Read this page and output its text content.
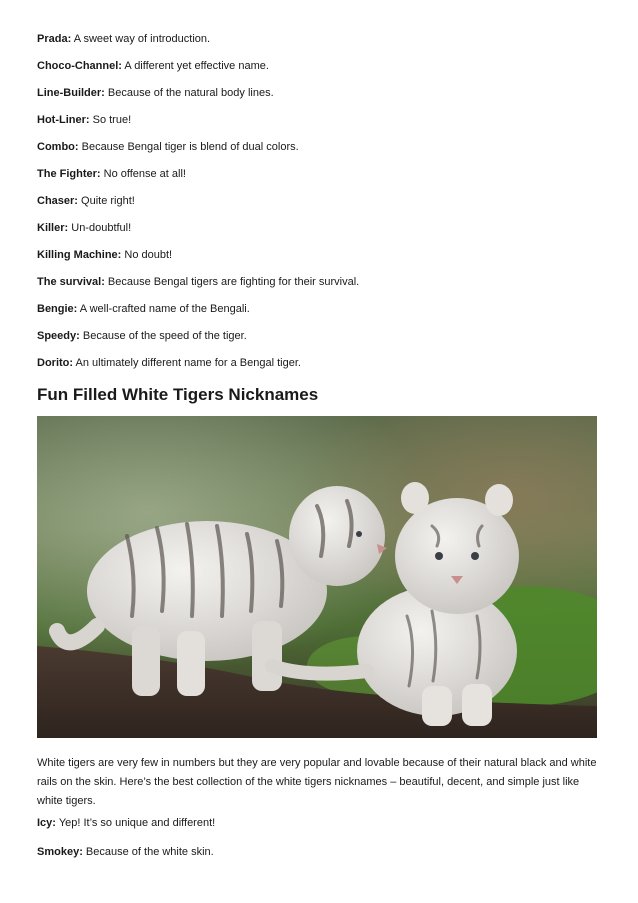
Prada: A sweet way of introduction.
Choco-Channel: A different yet effective name.
Line-Builder: Because of the natural body lines.
Hot-Liner: So true!
Combo: Because Bengal tiger is blend of dual colors.
The Fighter: No offense at all!
Chaser: Quite right!
Killer: Un-doubtful!
Killing Machine: No doubt!
The survival: Because Bengal tigers are fighting for their survival.
Bengie: A well-crafted name of the Bengali.
Speedy: Because of the speed of the tiger.
Dorito: An ultimately different name for a Bengal tiger.
Fun Filled White Tigers Nicknames

White tigers are very few in numbers but they are very popular and lovable because of their natural black and white rails on the skin. Here’s the best collection of the white tigers nicknames – beautiful, decent, and simple just like white tigers.

Icy: Yep! It’s so unique and different!
Smokey: Because of the white skin.
